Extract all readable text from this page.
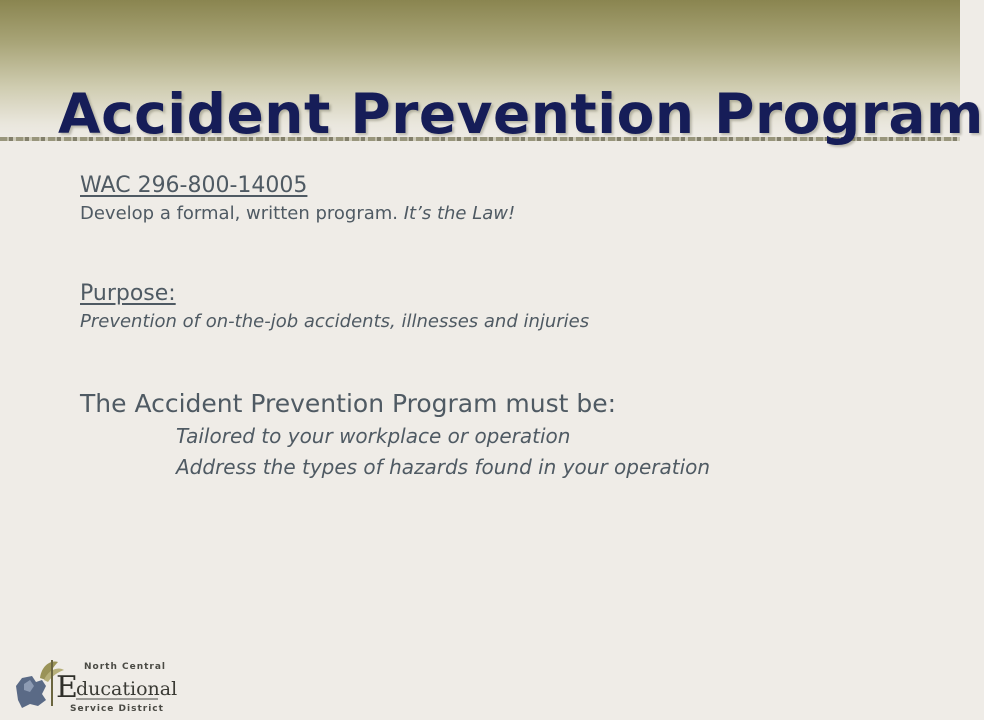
Accident Prevention Program
WAC 296-800-14005
Develop a formal, written program. It’s the Law!
Purpose:
Prevention of on-the-job accidents, illnesses and injuries
The Accident Prevention Program must be:
Tailored to your workplace or operation
Address the types of hazards found in your operation
North Central
E
ducational
Service District
